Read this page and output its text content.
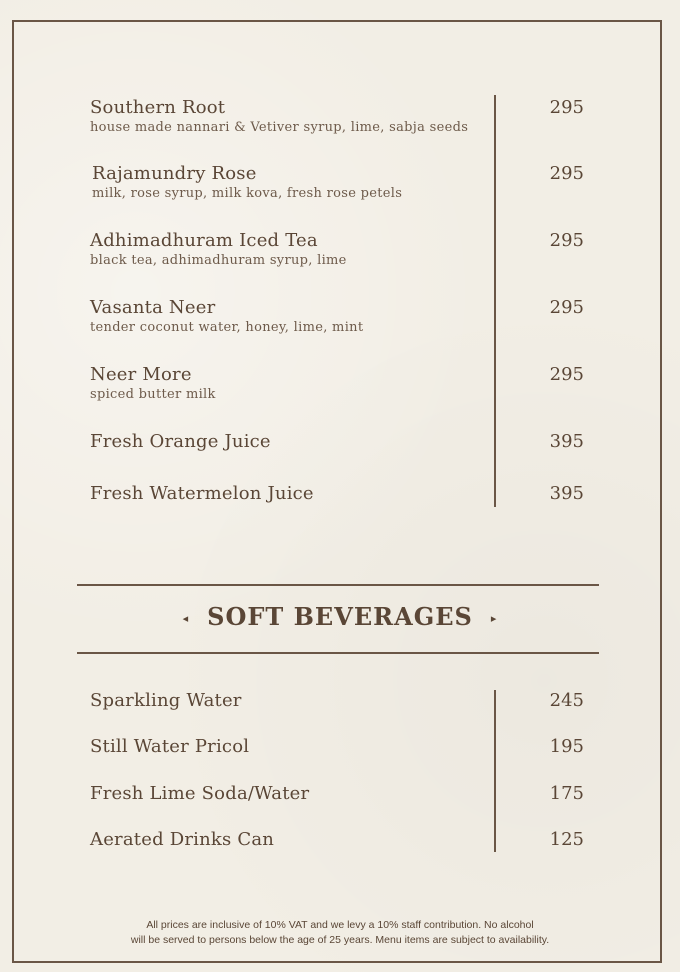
Southern Root
house made nannari & Vetiver syrup, lime, sabja seeds
295
Rajamundry Rose
milk, rose syrup, milk kova, fresh rose petels
295
Adhimadhuram Iced Tea
black tea, adhimadhuram syrup, lime
295
Vasanta Neer
tender coconut water, honey, lime, mint
295
Neer More
spiced butter milk
295
Fresh Orange Juice	395
Fresh Watermelon Juice	395
◂ SOFT BEVERAGES ▸
Sparkling Water	245
Still Water Pricol	195
Fresh Lime Soda/Water	175
Aerated Drinks Can	125
All prices are inclusive of 10% VAT and we levy a 10% staff contribution. No alcohol
will be served to persons below the age of 25 years. Menu items are subject to availability.
